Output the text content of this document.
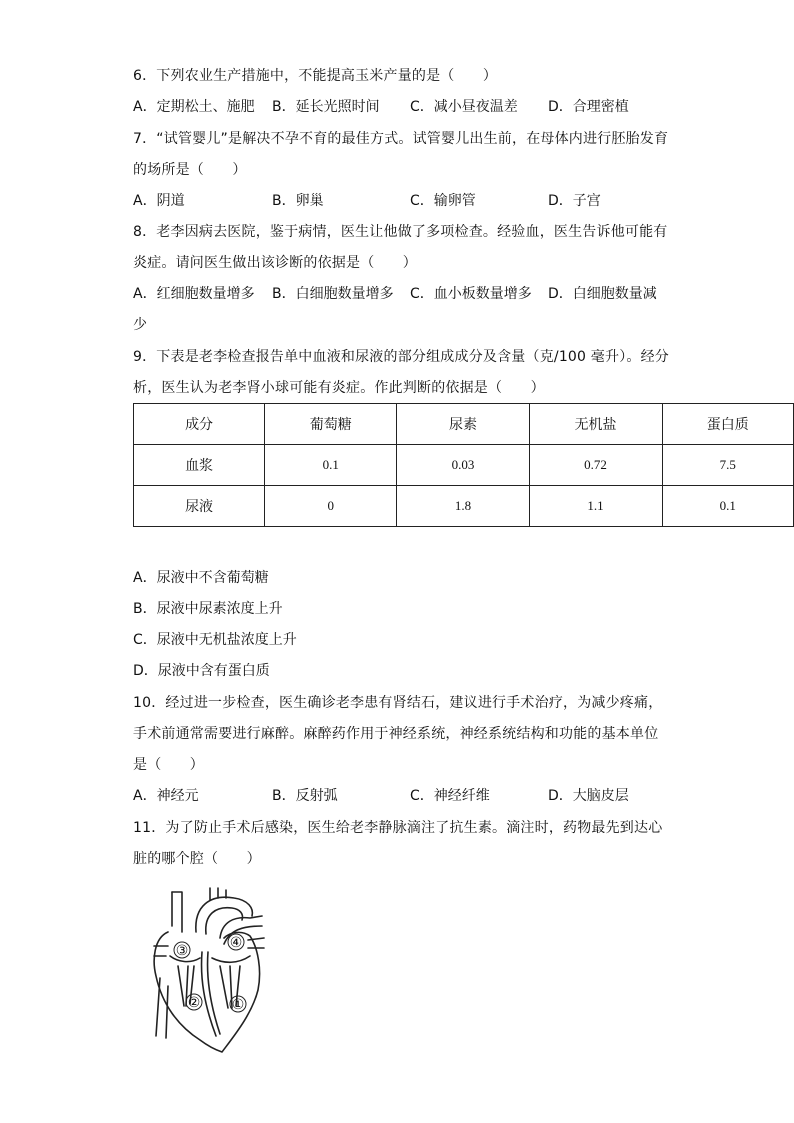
6．下列农业生产措施中，不能提高玉米产量的是（　　）
A．定期松土、施肥 B．延长光照时间 C．减小昼夜温差 D．合理密植
7．“试管婴儿”是解决不孕不育的最佳方式。试管婴儿出生前，在母体内进行胚胎发育
的场所是（　　）
A．阴道	B．卵巢	C．输卵管	D．子宫
8．老李因病去医院，鉴于病情，医生让他做了多项检查。经验血，医生告诉他可能有
炎症。请问医生做出该诊断的依据是（　　）
A．红细胞数量增多 B．白细胞数量增多 C．血小板数量增多 D．白细胞数量减
少
9．下表是老李检查报告单中血液和尿液的部分组成成分及含量（克/100 毫升）。经分
析，医生认为老李肾小球可能有炎症。作此判断的依据是（　　）
成分	葡萄糖	尿素	无机盐	蛋白质
血浆	0.1	0.03	0.72	7.5
尿液	0	1.8	1.1	0.1
A．尿液中不含葡萄糖
B．尿液中尿素浓度上升
C．尿液中无机盐浓度上升
D．尿液中含有蛋白质
10．经过进一步检查，医生确诊老李患有肾结石，建议进行手术治疗，为减少疼痛，
手术前通常需要进行麻醉。麻醉药作用于神经系统，神经系统结构和功能的基本单位
是（　　）
A．神经元	B．反射弧	C．神经纤维	D．大脑皮层
11．为了防止手术后感染，医生给老李静脉滴注了抗生素。滴注时，药物最先到达心
脏的哪个腔（　　）
③	④
② ①
